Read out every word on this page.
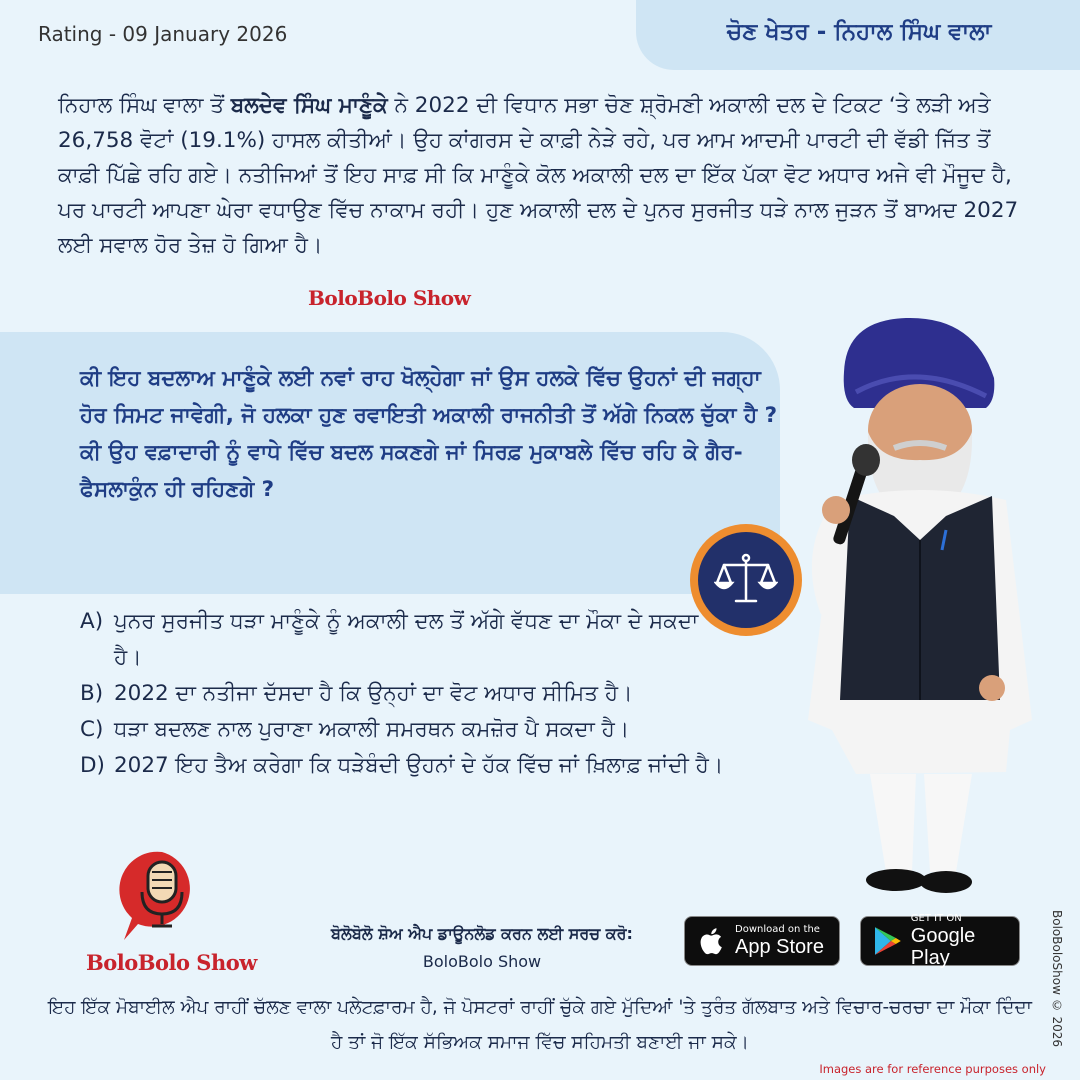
Rating - 09 January 2026	ਚੋਣ ਖੇਤਰ - ਨਿਹਾਲ ਸਿੰਘ ਵਾਲਾ
ਨਿਹਾਲ ਸਿੰਘ ਵਾਲਾ ਤੋਂ ਬਲਦੇਵ ਸਿੰਘ ਮਾਣੂੰਕੇ ਨੇ 2022 ਦੀ ਵਿਧਾਨ ਸਭਾ ਚੋਣ ਸ਼੍ਰੋਮਣੀ ਅਕਾਲੀ ਦਲ ਦੇ ਟਿਕਟ ‘ਤੇ ਲੜੀ ਅਤੇ 26,758 ਵੋਟਾਂ (19.1%) ਹਾਸਲ ਕੀਤੀਆਂ। ਉਹ ਕਾਂਗਰਸ ਦੇ ਕਾਫ਼ੀ ਨੇੜੇ ਰਹੇ, ਪਰ ਆਮ ਆਦਮੀ ਪਾਰਟੀ ਦੀ ਵੱਡੀ ਜਿੱਤ ਤੋਂ ਕਾਫ਼ੀ ਪਿੱਛੇ ਰਹਿ ਗਏ। ਨਤੀਜਿਆਂ ਤੋਂ ਇਹ ਸਾਫ਼ ਸੀ ਕਿ ਮਾਣੂੰਕੇ ਕੋਲ ਅਕਾਲੀ ਦਲ ਦਾ ਇੱਕ ਪੱਕਾ ਵੋਟ ਅਧਾਰ ਅਜੇ ਵੀ ਮੌਜੂਦ ਹੈ, ਪਰ ਪਾਰਟੀ ਆਪਣਾ ਘੇਰਾ ਵਧਾਉਣ ਵਿੱਚ ਨਾਕਾਮ ਰਹੀ। ਹੁਣ ਅਕਾਲੀ ਦਲ ਦੇ ਪੁਨਰ ਸੁਰਜੀਤ ਧੜੇ ਨਾਲ ਜੁੜਨ ਤੋਂ ਬਾਅਦ 2027 ਲਈ ਸਵਾਲ ਹੋਰ ਤੇਜ਼ ਹੋ ਗਿਆ ਹੈ।
BoloBolo Show
ਕੀ ਇਹ ਬਦਲਾਅ ਮਾਣੂੰਕੇ ਲਈ ਨਵਾਂ ਰਾਹ ਖੋਲ੍ਹੇਗਾ ਜਾਂ ਉਸ ਹਲਕੇ ਵਿੱਚ ਉਹਨਾਂ ਦੀ ਜਗ੍ਹਾ ਹੋਰ ਸਿਮਟ ਜਾਵੇਗੀ, ਜੋ ਹਲਕਾ ਹੁਣ ਰਵਾਇਤੀ ਅਕਾਲੀ ਰਾਜਨੀਤੀ ਤੋਂ ਅੱਗੇ ਨਿਕਲ ਚੁੱਕਾ ਹੈ ? ਕੀ ਉਹ ਵਫ਼ਾਦਾਰੀ ਨੂੰ ਵਾਧੇ ਵਿੱਚ ਬਦਲ ਸਕਣਗੇ ਜਾਂ ਸਿਰਫ਼ ਮੁਕਾਬਲੇ ਵਿੱਚ ਰਹਿ ਕੇ ਗੈਰ-ਫੈਸਲਾਕੁੰਨ ਹੀ ਰਹਿਣਗੇ ?
A) ਪੁਨਰ ਸੁਰਜੀਤ ਧੜਾ ਮਾਣੂੰਕੇ ਨੂੰ ਅਕਾਲੀ ਦਲ ਤੋਂ ਅੱਗੇ ਵੱਧਣ ਦਾ ਮੌਕਾ ਦੇ ਸਕਦਾ ਹੈ।
B) 2022 ਦਾ ਨਤੀਜਾ ਦੱਸਦਾ ਹੈ ਕਿ ਉਨ੍ਹਾਂ ਦਾ ਵੋਟ ਅਧਾਰ ਸੀਮਿਤ ਹੈ।
C) ਧੜਾ ਬਦਲਣ ਨਾਲ ਪੁਰਾਣਾ ਅਕਾਲੀ ਸਮਰਥਨ ਕਮਜ਼ੋਰ ਪੈ ਸਕਦਾ ਹੈ।
D) 2027 ਇਹ ਤੈਅ ਕਰੇਗਾ ਕਿ ਧੜੇਬੰਦੀ ਉਹਨਾਂ ਦੇ ਹੱਕ ਵਿੱਚ ਜਾਂ ਖ਼ਿਲਾਫ਼ ਜਾਂਦੀ ਹੈ।
BoloBolo Show
ਬੋਲੋਬੋਲੋ ਸ਼ੋਅ ਐਪ ਡਾਊਨਲੋਡ ਕਰਨ ਲਈ ਸਰਚ ਕਰੋ:
BoloBolo Show
Download on the
App Store
GET IT ON
Google Play
ਇਹ ਇੱਕ ਮੋਬਾਈਲ ਐਪ ਰਾਹੀਂ ਚੱਲਣ ਵਾਲਾ ਪਲੇਟਫ਼ਾਰਮ ਹੈ, ਜੋ ਪੋਸਟਰਾਂ ਰਾਹੀਂ ਚੁੱਕੇ ਗਏ ਮੁੱਦਿਆਂ 'ਤੇ ਤੁਰੰਤ ਗੱਲਬਾਤ ਅਤੇ ਵਿਚਾਰ-ਚਰਚਾ ਦਾ ਮੌਕਾ ਦਿੰਦਾ ਹੈ ਤਾਂ ਜੋ ਇੱਕ ਸੱਭਿਅਕ ਸਮਾਜ ਵਿੱਚ ਸਹਿਮਤੀ ਬਣਾਈ ਜਾ ਸਕੇ।	BoloBoloShow © 2026
Images are for reference purposes only
